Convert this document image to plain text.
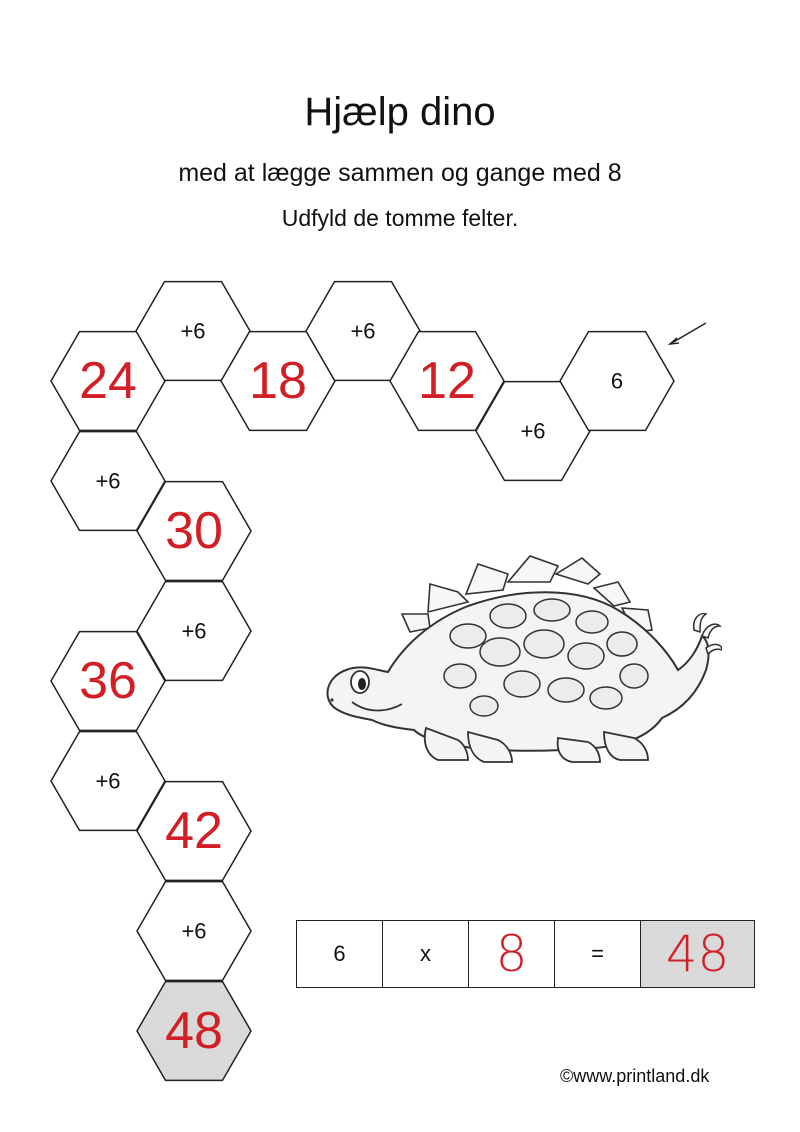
Hjælp dino
med at lægge sammen og gange med 8
Udfyld de tomme felter.
48
+6
42
+6
36
+6
30
+6
24
+6
18
+6
12
+6
6
6	x	8	=	48
©www.printland.dk
